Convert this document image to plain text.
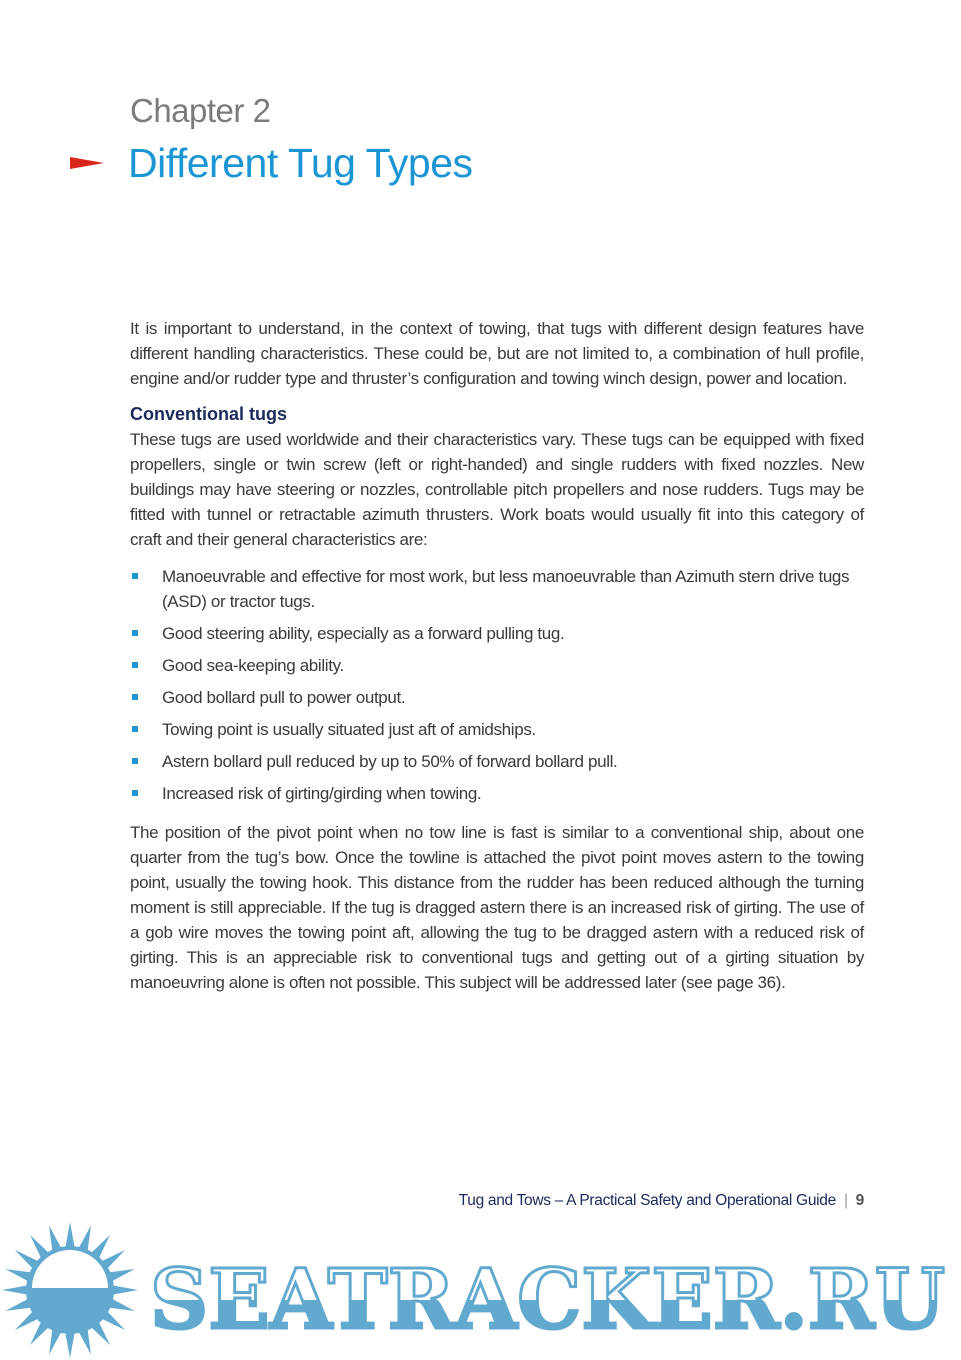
Chapter 2
Different Tug Types

It is important to understand, in the context of towing, that tugs with different design features have different handling characteristics. These could be, but are not limited to, a combination of hull profile, engine and/or rudder type and thruster’s configuration and towing winch design, power and location.

Conventional tugs

These tugs are used worldwide and their characteristics vary. These tugs can be equipped with fixed propellers, single or twin screw (left or right-handed) and single rudders with fixed nozzles. New buildings may have steering or nozzles, controllable pitch propellers and nose rudders. Tugs may be fitted with tunnel or retractable azimuth thrusters. Work boats would usually fit into this category of craft and their general characteristics are:

Manoeuvrable and effective for most work, but less manoeuvrable than Azimuth stern drive tugs (ASD) or tractor tugs.
Good steering ability, especially as a forward pulling tug.
Good sea-keeping ability.
Good bollard pull to power output.
Towing point is usually situated just aft of amidships.
Astern bollard pull reduced by up to 50% of forward bollard pull.
Increased risk of girting/girding when towing.

The position of the pivot point when no tow line is fast is similar to a conventional ship, about one quarter from the tug’s bow. Once the towline is attached the pivot point moves astern to the towing point, usually the towing hook. This distance from the rudder has been reduced although the turning moment is still appreciable. If the tug is dragged astern there is an increased risk of girting. The use of a gob wire moves the towing point aft, allowing the tug to be dragged astern with a reduced risk of girting. This is an appreciable risk to conventional tugs and getting out of a girting situation by manoeuvring alone is often not possible. This subject will be addressed later (see page 36).

Tug and Tows – A Practical Safety and Operational Guide | 9
SEATRACKER.RU
